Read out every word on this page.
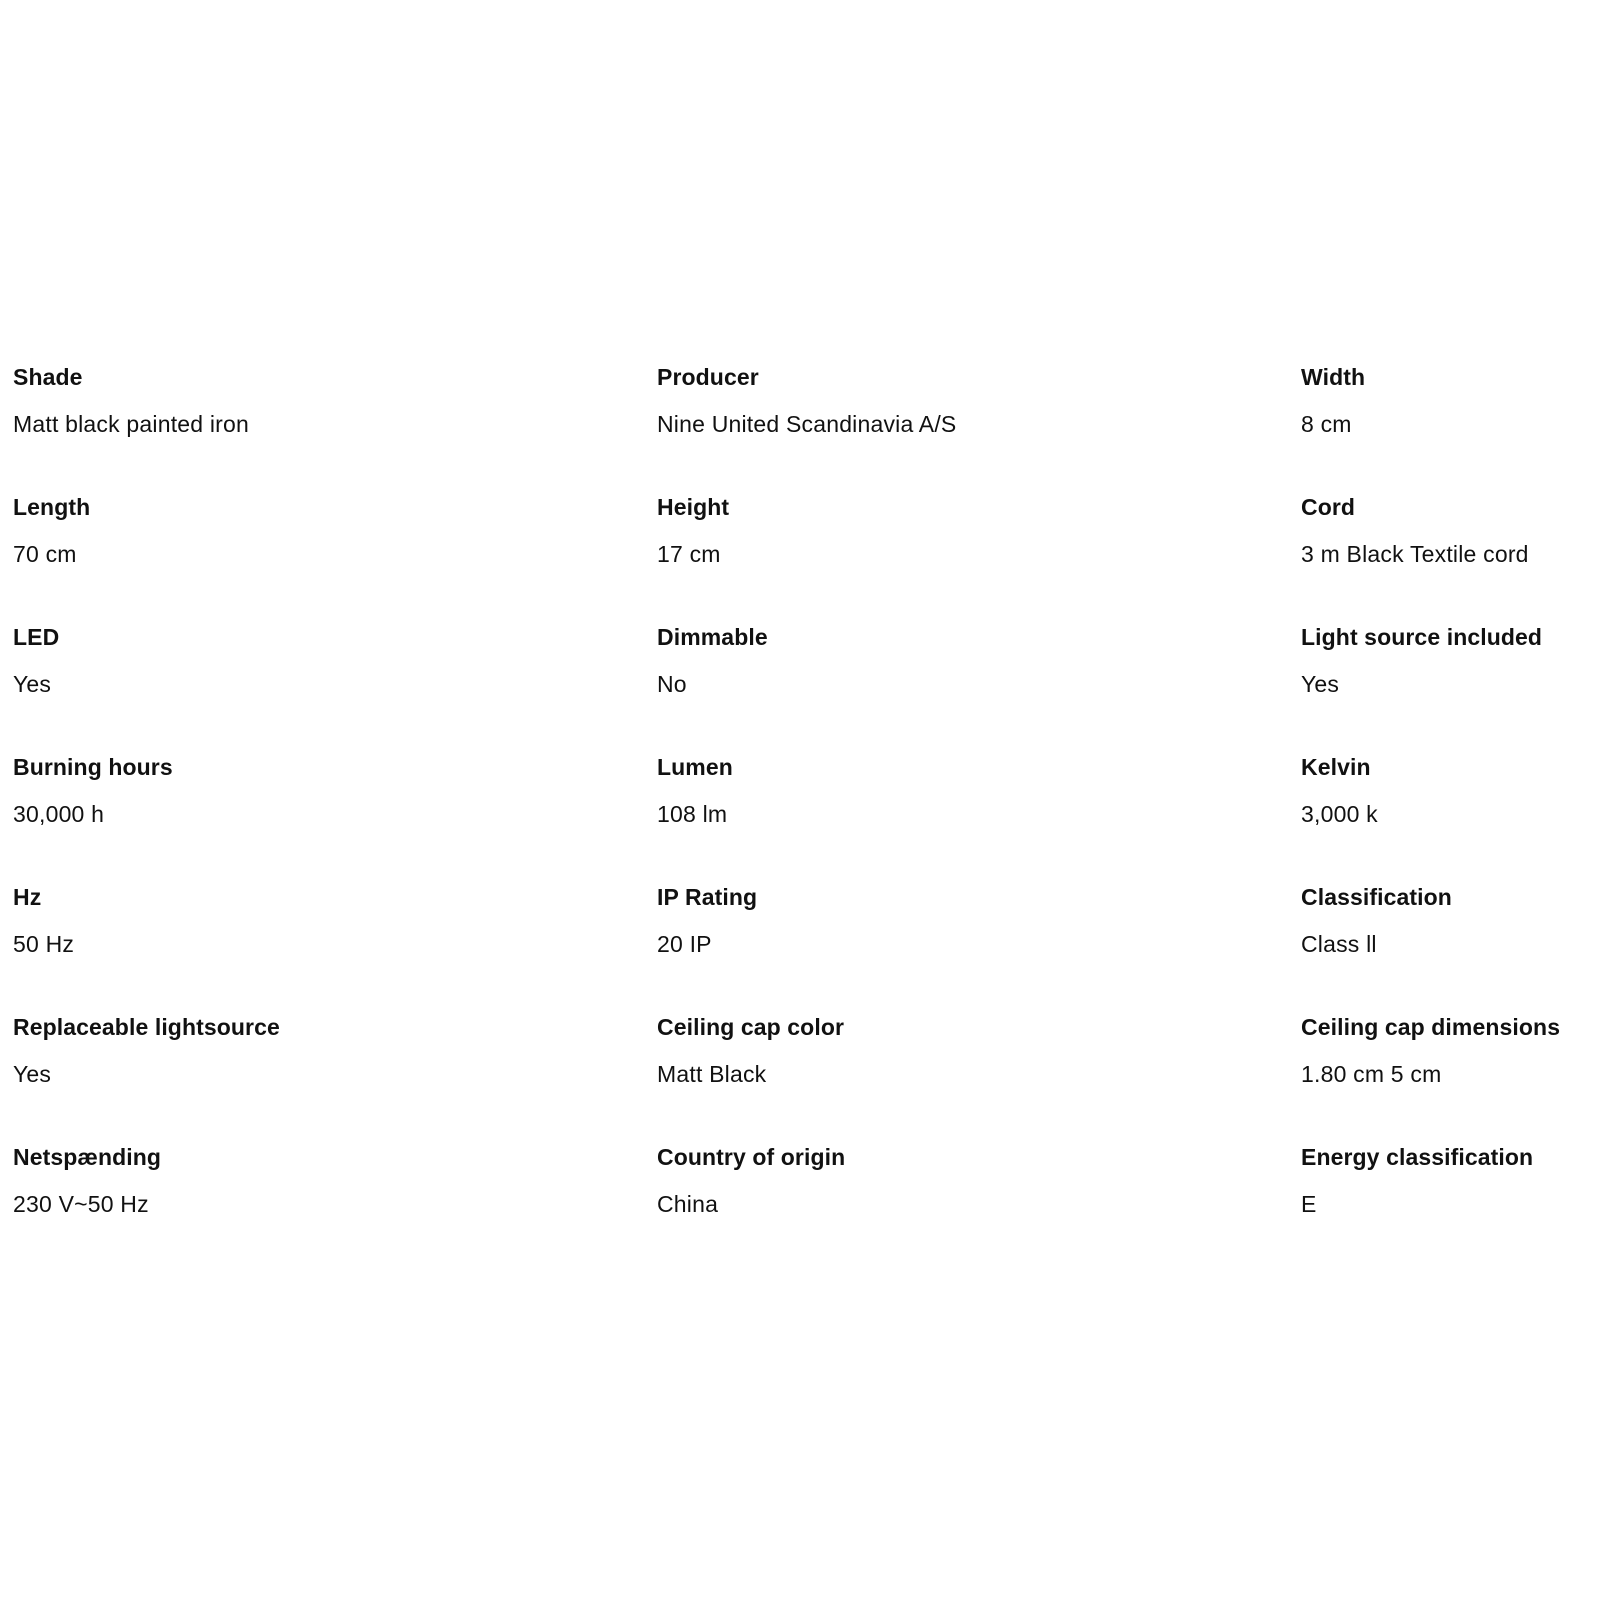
Shade
Matt black painted iron
Producer
Nine United Scandinavia A/S
Width
8 cm
Length
70 cm
Height
17 cm
Cord
3 m Black Textile cord
LED
Yes
Dimmable
No
Light source included
Yes
Burning hours
30,000 h
Lumen
108 lm
Kelvin
3,000 k
Hz
50 Hz
IP Rating
20 IP
Classification
Class ll
Replaceable lightsource
Yes
Ceiling cap color
Matt Black
Ceiling cap dimensions
1.80 cm 5 cm
Netspænding
230 V~50 Hz
Country of origin
China
Energy classification
E
